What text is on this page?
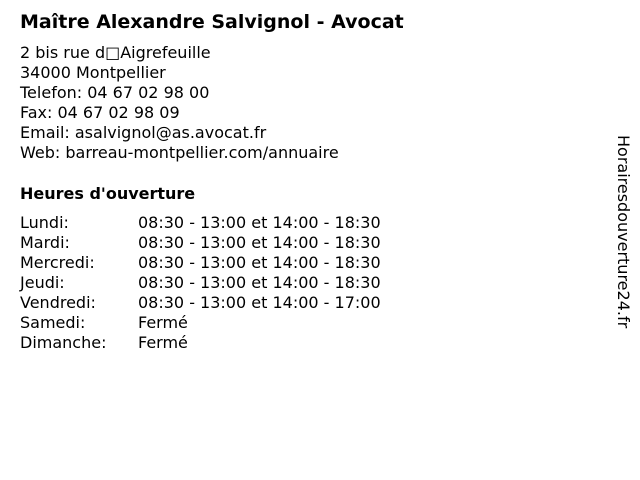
Maître Alexandre Salvignol - Avocat
2 bis rue d□Aigrefeuille
34000 Montpellier
Telefon: 04 67 02 98 00
Fax: 04 67 02 98 09
Email: asalvignol@as.avocat.fr
Web: barreau-montpellier.com/annuaire
Heures d'ouverture
Lundi:	08:30 - 13:00 et 14:00 - 18:30
Mardi:	08:30 - 13:00 et 14:00 - 18:30
Mercredi:	08:30 - 13:00 et 14:00 - 18:30
Jeudi:	08:30 - 13:00 et 14:00 - 18:30
Vendredi:	08:30 - 13:00 et 14:00 - 17:00
Samedi:	Fermé
Dimanche: Fermé
Horairesdouverture24.fr
